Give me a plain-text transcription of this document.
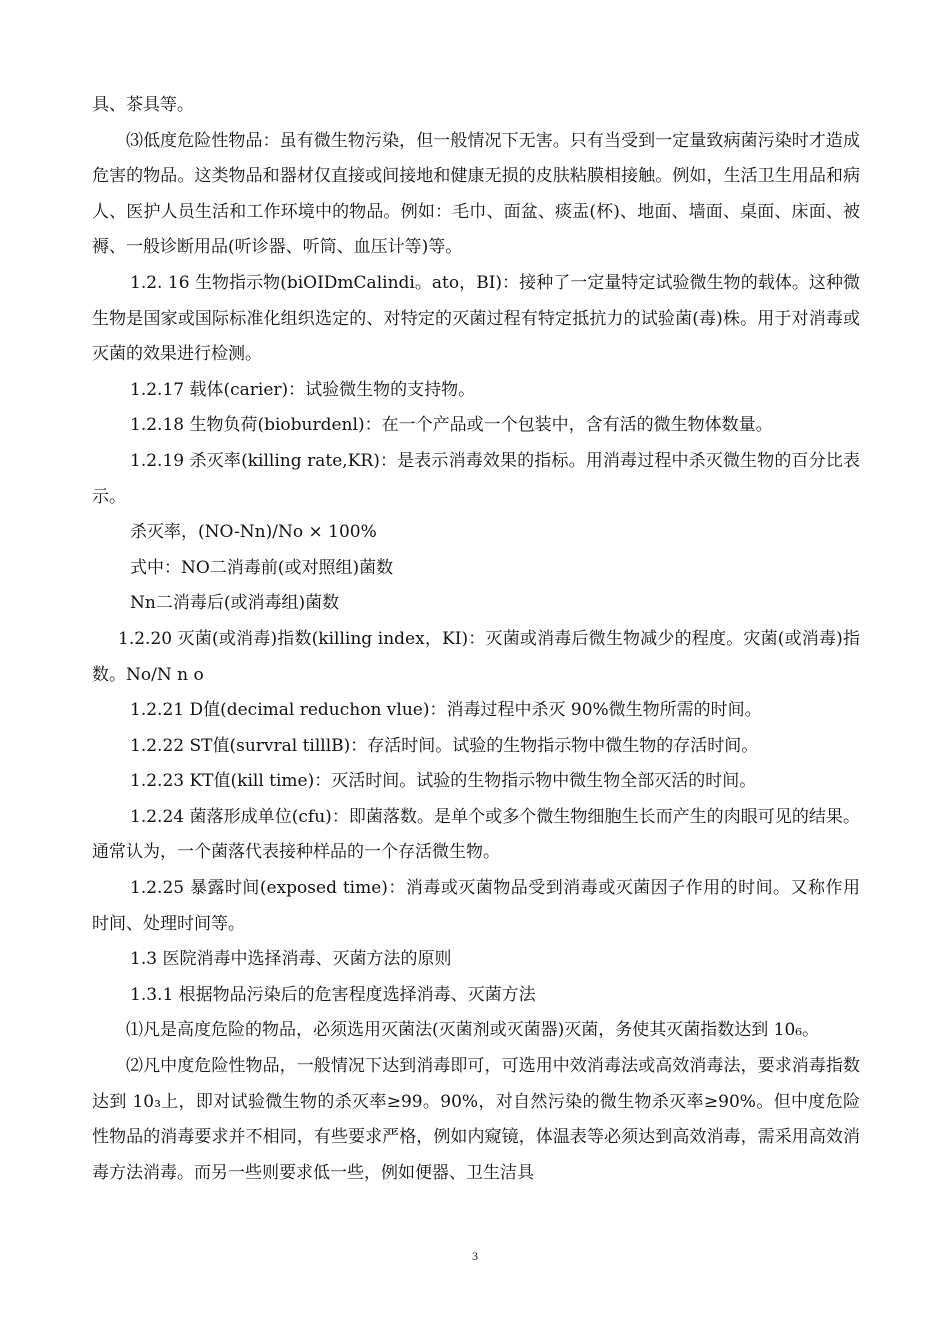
具、茶具等。

⑶低度危险性物品：虽有微生物污染，但一般情况下无害。只有当受到一定量致病菌污染时才造成危害的物品。这类物品和器材仅直接或间接地和健康无损的皮肤粘膜相接触。例如，生活卫生用品和病人、医护人员生活和工作环境中的物品。例如：毛巾、面盆、痰盂(杯)、地面、墙面、桌面、床面、被褥、一般诊断用品(听诊器、听筒、血压计等)等。

1.2. 16 生物指示物(biOIDmCalindi。ato，BI)：接种了一定量特定试验微生物的载体。这种微生物是国家或国际标准化组织选定的、对特定的灭菌过程有特定抵抗力的试验菌(毒)株。用于对消毒或灭菌的效果进行检测。

1.2.17 载体(carier)：试验微生物的支持物。

1.2.18 生物负荷(bioburdenl)：在一个产品或一个包装中，含有活的微生物体数量。

1.2.19 杀灭率(killing rate,KR)：是表示消毒效果的指标。用消毒过程中杀灭微生物的百分比表示。

杀灭率，(NO-Nn)/No × 100%

式中：NO二消毒前(或对照组)菌数

Nn二消毒后(或消毒组)菌数

1.2.20 灭菌(或消毒)指数(killing index，KI)：灭菌或消毒后微生物减少的程度。灾菌(或消毒)指数。No/N n o

1.2.21 D值(decimal reduchon vlue)：消毒过程中杀灭 90%微生物所需的时间。

1.2.22 ST值(survral tilllB)：存活时间。试验的生物指示物中微生物的存活时间。

1.2.23 KT值(kill time)：灭活时间。试验的生物指示物中微生物全部灭活的时间。

1.2.24 菌落形成单位(cfu)：即菌落数。是单个或多个微生物细胞生长而产生的肉眼可见的结果。通常认为，一个菌落代表接种样品的一个存活微生物。

1.2.25 暴露时间(exposed time)：消毒或灭菌物品受到消毒或灭菌因子作用的时间。又称作用时间、处理时间等。

1.3 医院消毒中选择消毒、灭菌方法的原则

1.3.1 根据物品污染后的危害程度选择消毒、灭菌方法

⑴凡是高度危险的物品，必须选用灭菌法(灭菌剂或灭菌器)灭菌，务使其灭菌指数达到 10₆。

⑵凡中度危险性物品，一般情况下达到消毒即可，可选用中效消毒法或高效消毒法，要求消毒指数达到 10₃上，即对试验微生物的杀灭率≥99。90%，对自然污染的微生物杀灭率≥90%。但中度危险性物品的消毒要求并不相同，有些要求严格，例如内窥镜，体温表等必须达到高效消毒，需采用高效消毒方法消毒。而另一些则要求低一些，例如便器、卫生洁具

3
